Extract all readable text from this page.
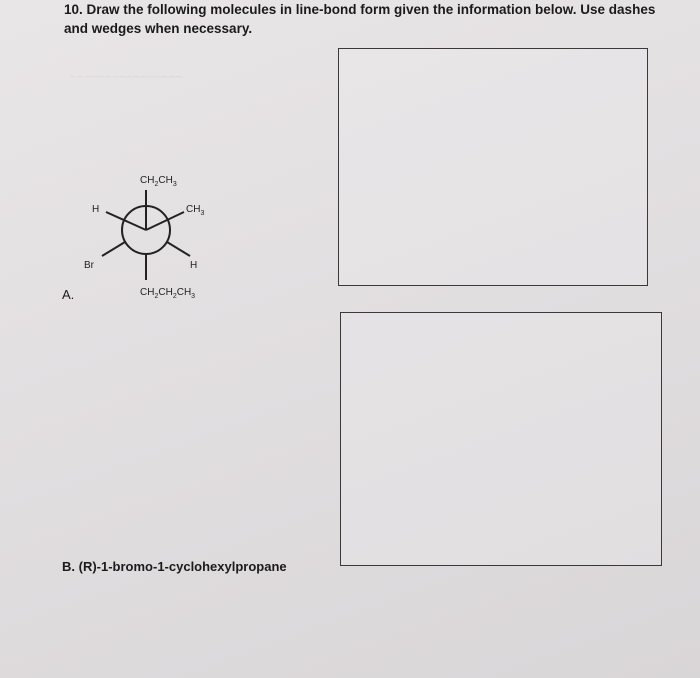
10. Draw the following molecules in line-bond form given the information below. Use dashes and wedges when necessary.
~~~~~~~~~~~~~~~~
$CH_2CH_3$
H	$CH_3$
Br	H
$CH_2CH_2CH_3$
A.
B. (R)-1-bromo-1-cyclohexylpropane
